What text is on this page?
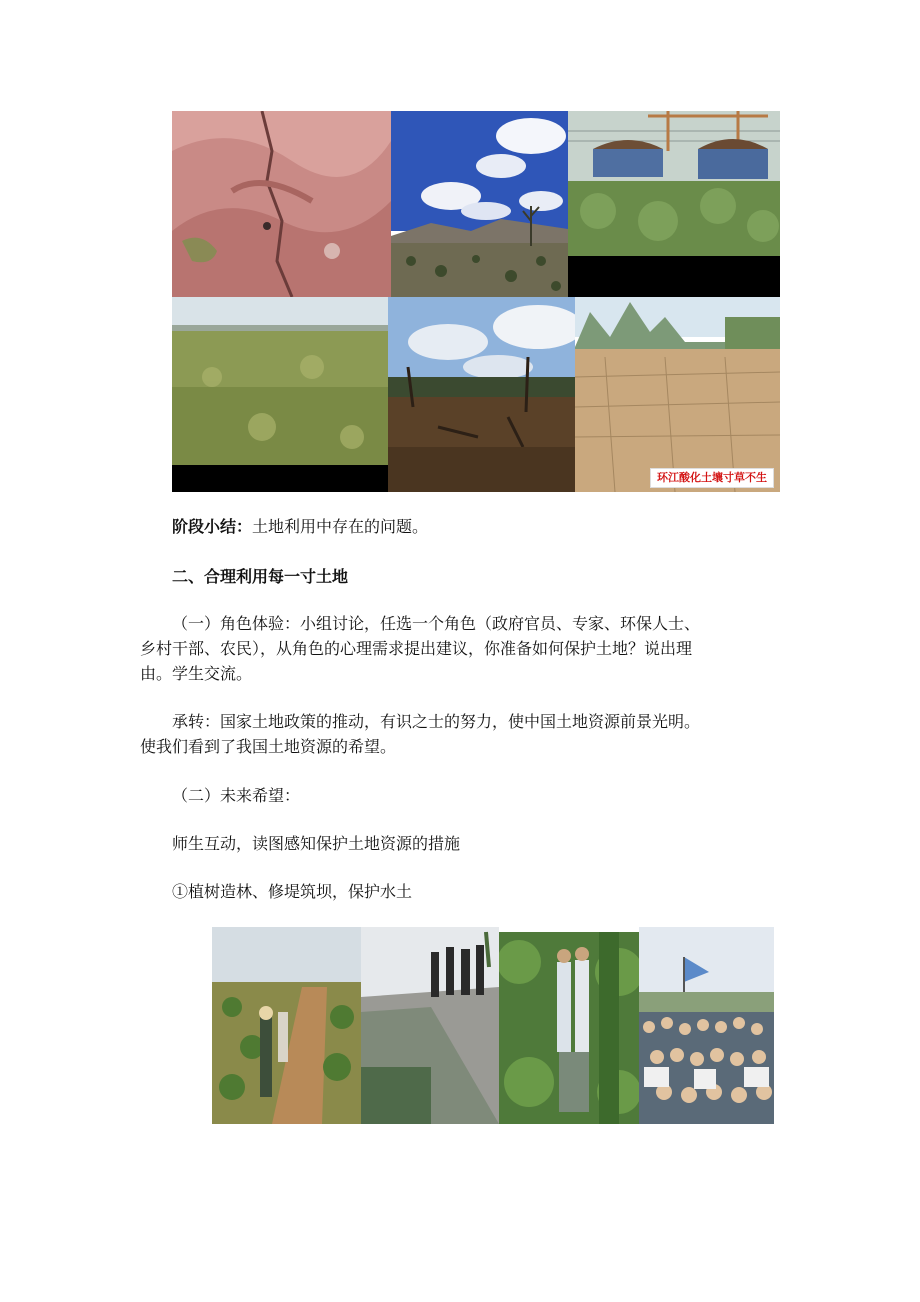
环江酸化土壤寸草不生
阶段小结：土地利用中存在的问题。
二、合理利用每一寸土地
（一）角色体验：小组讨论，任选一个角色（政府官员、专家、环保人士、
乡村干部、农民），从角色的心理需求提出建议，你准备如何保护土地？说出理
由。学生交流。
承转：国家土地政策的推动，有识之士的努力，使中国土地资源前景光明。
使我们看到了我国土地资源的希望。
（二）未来希望：
师生互动，读图感知保护土地资源的措施
①植树造林、修堤筑坝，保护水土
